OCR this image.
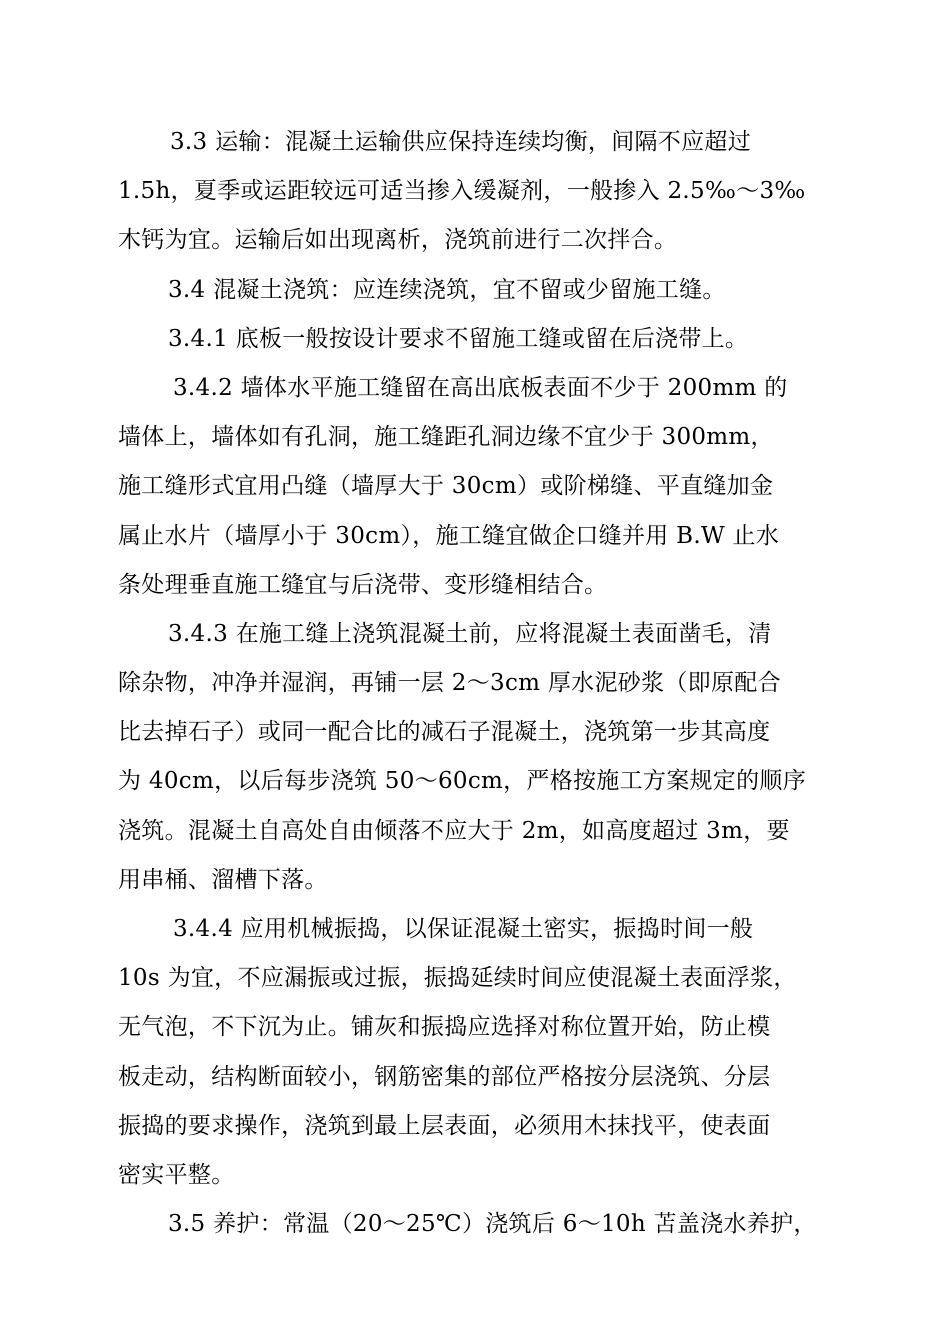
3.3 运输：混凝土运输供应保持连续均衡，间隔不应超过
1.5h，夏季或运距较远可适当掺入缓凝剂，一般掺入 2.5‰～3‰
木钙为宜。运输后如出现离析，浇筑前进行二次拌合。
3.4 混凝土浇筑：应连续浇筑，宜不留或少留施工缝。
3.4.1 底板一般按设计要求不留施工缝或留在后浇带上。
3.4.2 墙体水平施工缝留在高出底板表面不少于 200mm 的
墙体上，墙体如有孔洞，施工缝距孔洞边缘不宜少于 300mm，
施工缝形式宜用凸缝（墙厚大于 30cm）或阶梯缝、平直缝加金
属止水片（墙厚小于 30cm），施工缝宜做企口缝并用 B.W 止水
条处理垂直施工缝宜与后浇带、变形缝相结合。
3.4.3 在施工缝上浇筑混凝土前，应将混凝土表面凿毛，清
除杂物，冲净并湿润，再铺一层 2～3cm 厚水泥砂浆（即原配合
比去掉石子）或同一配合比的减石子混凝土，浇筑第一步其高度
为 40cm，以后每步浇筑 50～60cm，严格按施工方案规定的顺序
浇筑。混凝土自高处自由倾落不应大于 2m，如高度超过 3m，要
用串桶、溜槽下落。
3.4.4 应用机械振捣，以保证混凝土密实，振捣时间一般
10s 为宜，不应漏振或过振，振捣延续时间应使混凝土表面浮浆，
无气泡，不下沉为止。铺灰和振捣应选择对称位置开始，防止模
板走动，结构断面较小，钢筋密集的部位严格按分层浇筑、分层
振捣的要求操作，浇筑到最上层表面，必须用木抹找平，使表面
密实平整。
3.5 养护：常温（20～25℃）浇筑后 6～10h 苫盖浇水养护，
